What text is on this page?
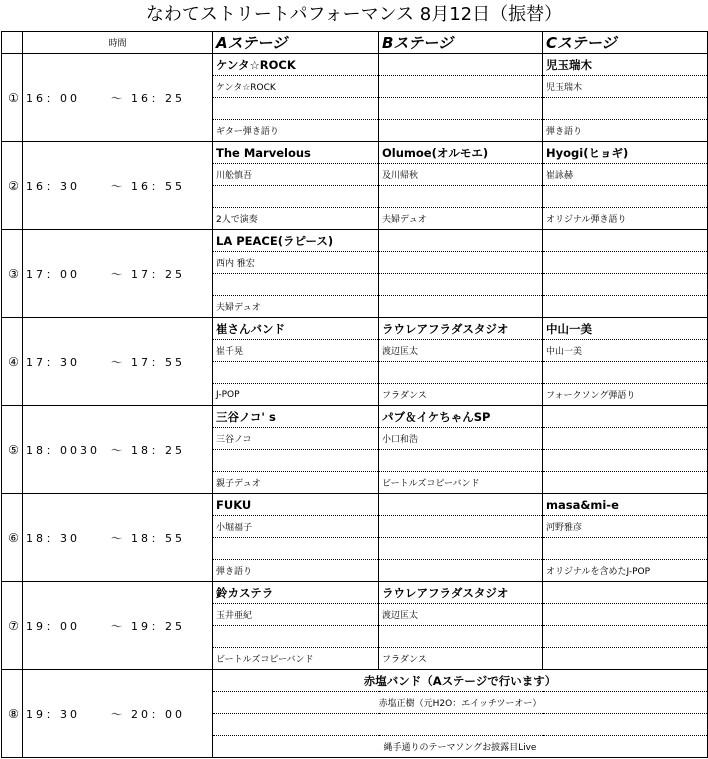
なわてストリートパフォーマンス 8月12日（振替）
	時間	Aステージ	Bステージ	Cステージ
①	16：00 ～ 16：25	ケンタ☆ROCK		児玉瑞木
		ケンタ☆ROCK		児玉瑞木

		ギター弾き語り		弾き語り
②	16：30 ～ 16：55	The Marvelous	Olumoe(オルモエ)	Hyogi(ヒョギ)
		川舩慎吾	及川帰秋	崔詠赫

		2人で演奏	夫婦デュオ	オリジナル弾き語り
③	17：00 ～ 17：25	LA PEACE(ラピース)		
		西内 雅宏		

		夫婦デュオ		
④	17：30 ～ 17：55	崔さんバンド	ラウレアフラダスタジオ	中山一美
		崔千晃	渡辺匡太	中山一美

		J-POP	フラダンス	フォークソング弾語り
⑤	18：0030 ～ 18：25	三谷ノコ' s	パブ＆イケちゃんSP	
		三谷ノコ	小口和浩	

		親子デュオ	ビートルズコピーバンド	
⑥	18：30 ～ 18：55	FUKU		masa&mi-e
		小堀福子		河野雅彦

		弾き語り		オリジナルを含めたJ-POP
⑦	19：00 ～ 19：25	鈴カステラ	ラウレアフラダスタジオ	
		玉井亜紀	渡辺匡太	

		ビートルズコピーバンド	フラダンス	
⑧	19：30 ～ 20：00	赤塩バンド（Aステージで行います）		
		赤塩正樹（元H2O：エイッチツーオー）		

		縄手通りのテーマソングお披露目Live		
